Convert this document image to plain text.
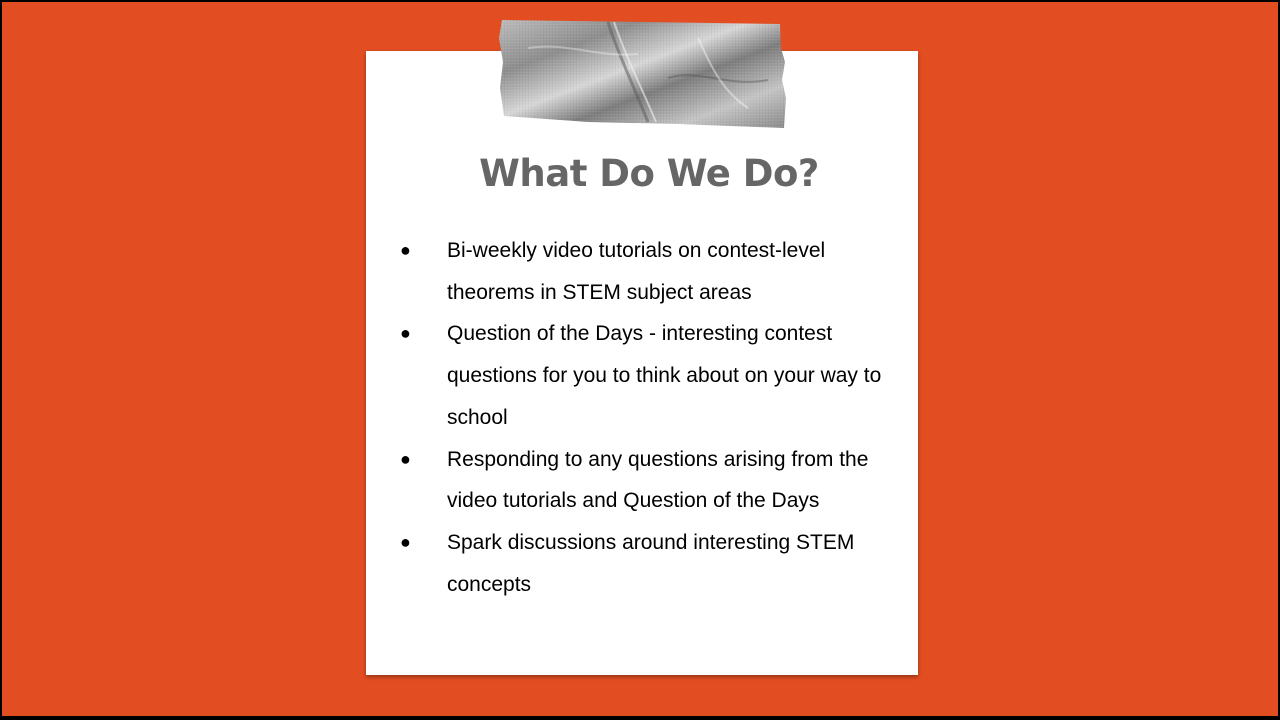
What Do We Do?
● Bi-weekly video tutorials on contest-level theorems in STEM subject areas
● Question of the Days - interesting contest questions for you to think about on your way to school
● Responding to any questions arising from the video tutorials and Question of the Days
● Spark discussions around interesting STEM concepts
